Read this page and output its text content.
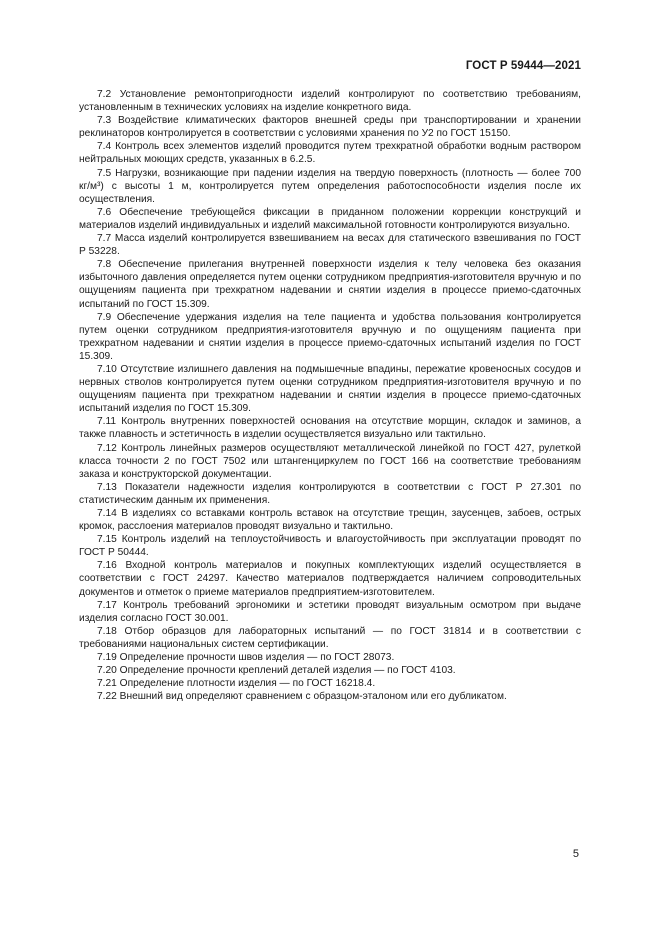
ГОСТ Р 59444—2021

7.2 Установление ремонтопригодности изделий контролируют по соответствию требованиям, установленным в технических условиях на изделие конкретного вида.

7.3 Воздействие климатических факторов внешней среды при транспортировании и хранении реклинаторов контролируется в соответствии с условиями хранения по У2 по ГОСТ 15150.

7.4 Контроль всех элементов изделий проводится путем трехкратной обработки водным раствором нейтральных моющих средств, указанных в 6.2.5.

7.5 Нагрузки, возникающие при падении изделия на твердую поверхность (плотность — более 700 кг/м³) с высоты 1 м, контролируется путем определения работоспособности изделия после их осуществления.

7.6 Обеспечение требующейся фиксации в приданном положении коррекции конструкций и материалов изделий индивидуальных и изделий максимальной готовности контролируются визуально.

7.7 Масса изделий контролируется взвешиванием на весах для статического взвешивания по ГОСТ Р 53228.

7.8 Обеспечение прилегания внутренней поверхности изделия к телу человека без оказания избыточного давления определяется путем оценки сотрудником предприятия-изготовителя вручную и по ощущениям пациента при трехкратном надевании и снятии изделия в процессе приемо-сдаточных испытаний по ГОСТ 15.309.

7.9 Обеспечение удержания изделия на теле пациента и удобства пользования контролируется путем оценки сотрудником предприятия-изготовителя вручную и по ощущениям пациента при трехкратном надевании и снятии изделия в процессе приемо-сдаточных испытаний изделия по ГОСТ 15.309.

7.10 Отсутствие излишнего давления на подмышечные впадины, пережатие кровеносных сосудов и нервных стволов контролируется путем оценки сотрудником предприятия-изготовителя вручную и по ощущениям пациента при трехкратном надевании и снятии изделия в процессе приемо-сдаточных испытаний изделия по ГОСТ 15.309.

7.11 Контроль внутренних поверхностей основания на отсутствие морщин, складок и заминов, а также плавность и эстетичность в изделии осуществляется визуально или тактильно.

7.12 Контроль линейных размеров осуществляют металлической линейкой по ГОСТ 427, рулеткой класса точности 2 по ГОСТ 7502 или штангенциркулем по ГОСТ 166 на соответствие требованиям заказа и конструкторской документации.

7.13 Показатели надежности изделия контролируются в соответствии с ГОСТ Р 27.301 по статистическим данным их применения.

7.14 В изделиях со вставками контроль вставок на отсутствие трещин, заусенцев, забоев, острых кромок, расслоения материалов проводят визуально и тактильно.

7.15 Контроль изделий на теплоустойчивость и влагоустойчивость при эксплуатации проводят по ГОСТ Р 50444.

7.16 Входной контроль материалов и покупных комплектующих изделий осуществляется в соответствии с ГОСТ 24297. Качество материалов подтверждается наличием сопроводительных документов и отметок о приеме материалов предприятием-изготовителем.

7.17 Контроль требований эргономики и эстетики проводят визуальным осмотром при выдаче изделия согласно ГОСТ 30.001.

7.18 Отбор образцов для лабораторных испытаний — по ГОСТ 31814 и в соответствии с требованиями национальных систем сертификации.

7.19 Определение прочности швов изделия — по ГОСТ 28073.

7.20 Определение прочности креплений деталей изделия — по ГОСТ 4103.

7.21 Определение плотности изделия — по ГОСТ 16218.4.

7.22 Внешний вид определяют сравнением с образцом-эталоном или его дубликатом.

5
